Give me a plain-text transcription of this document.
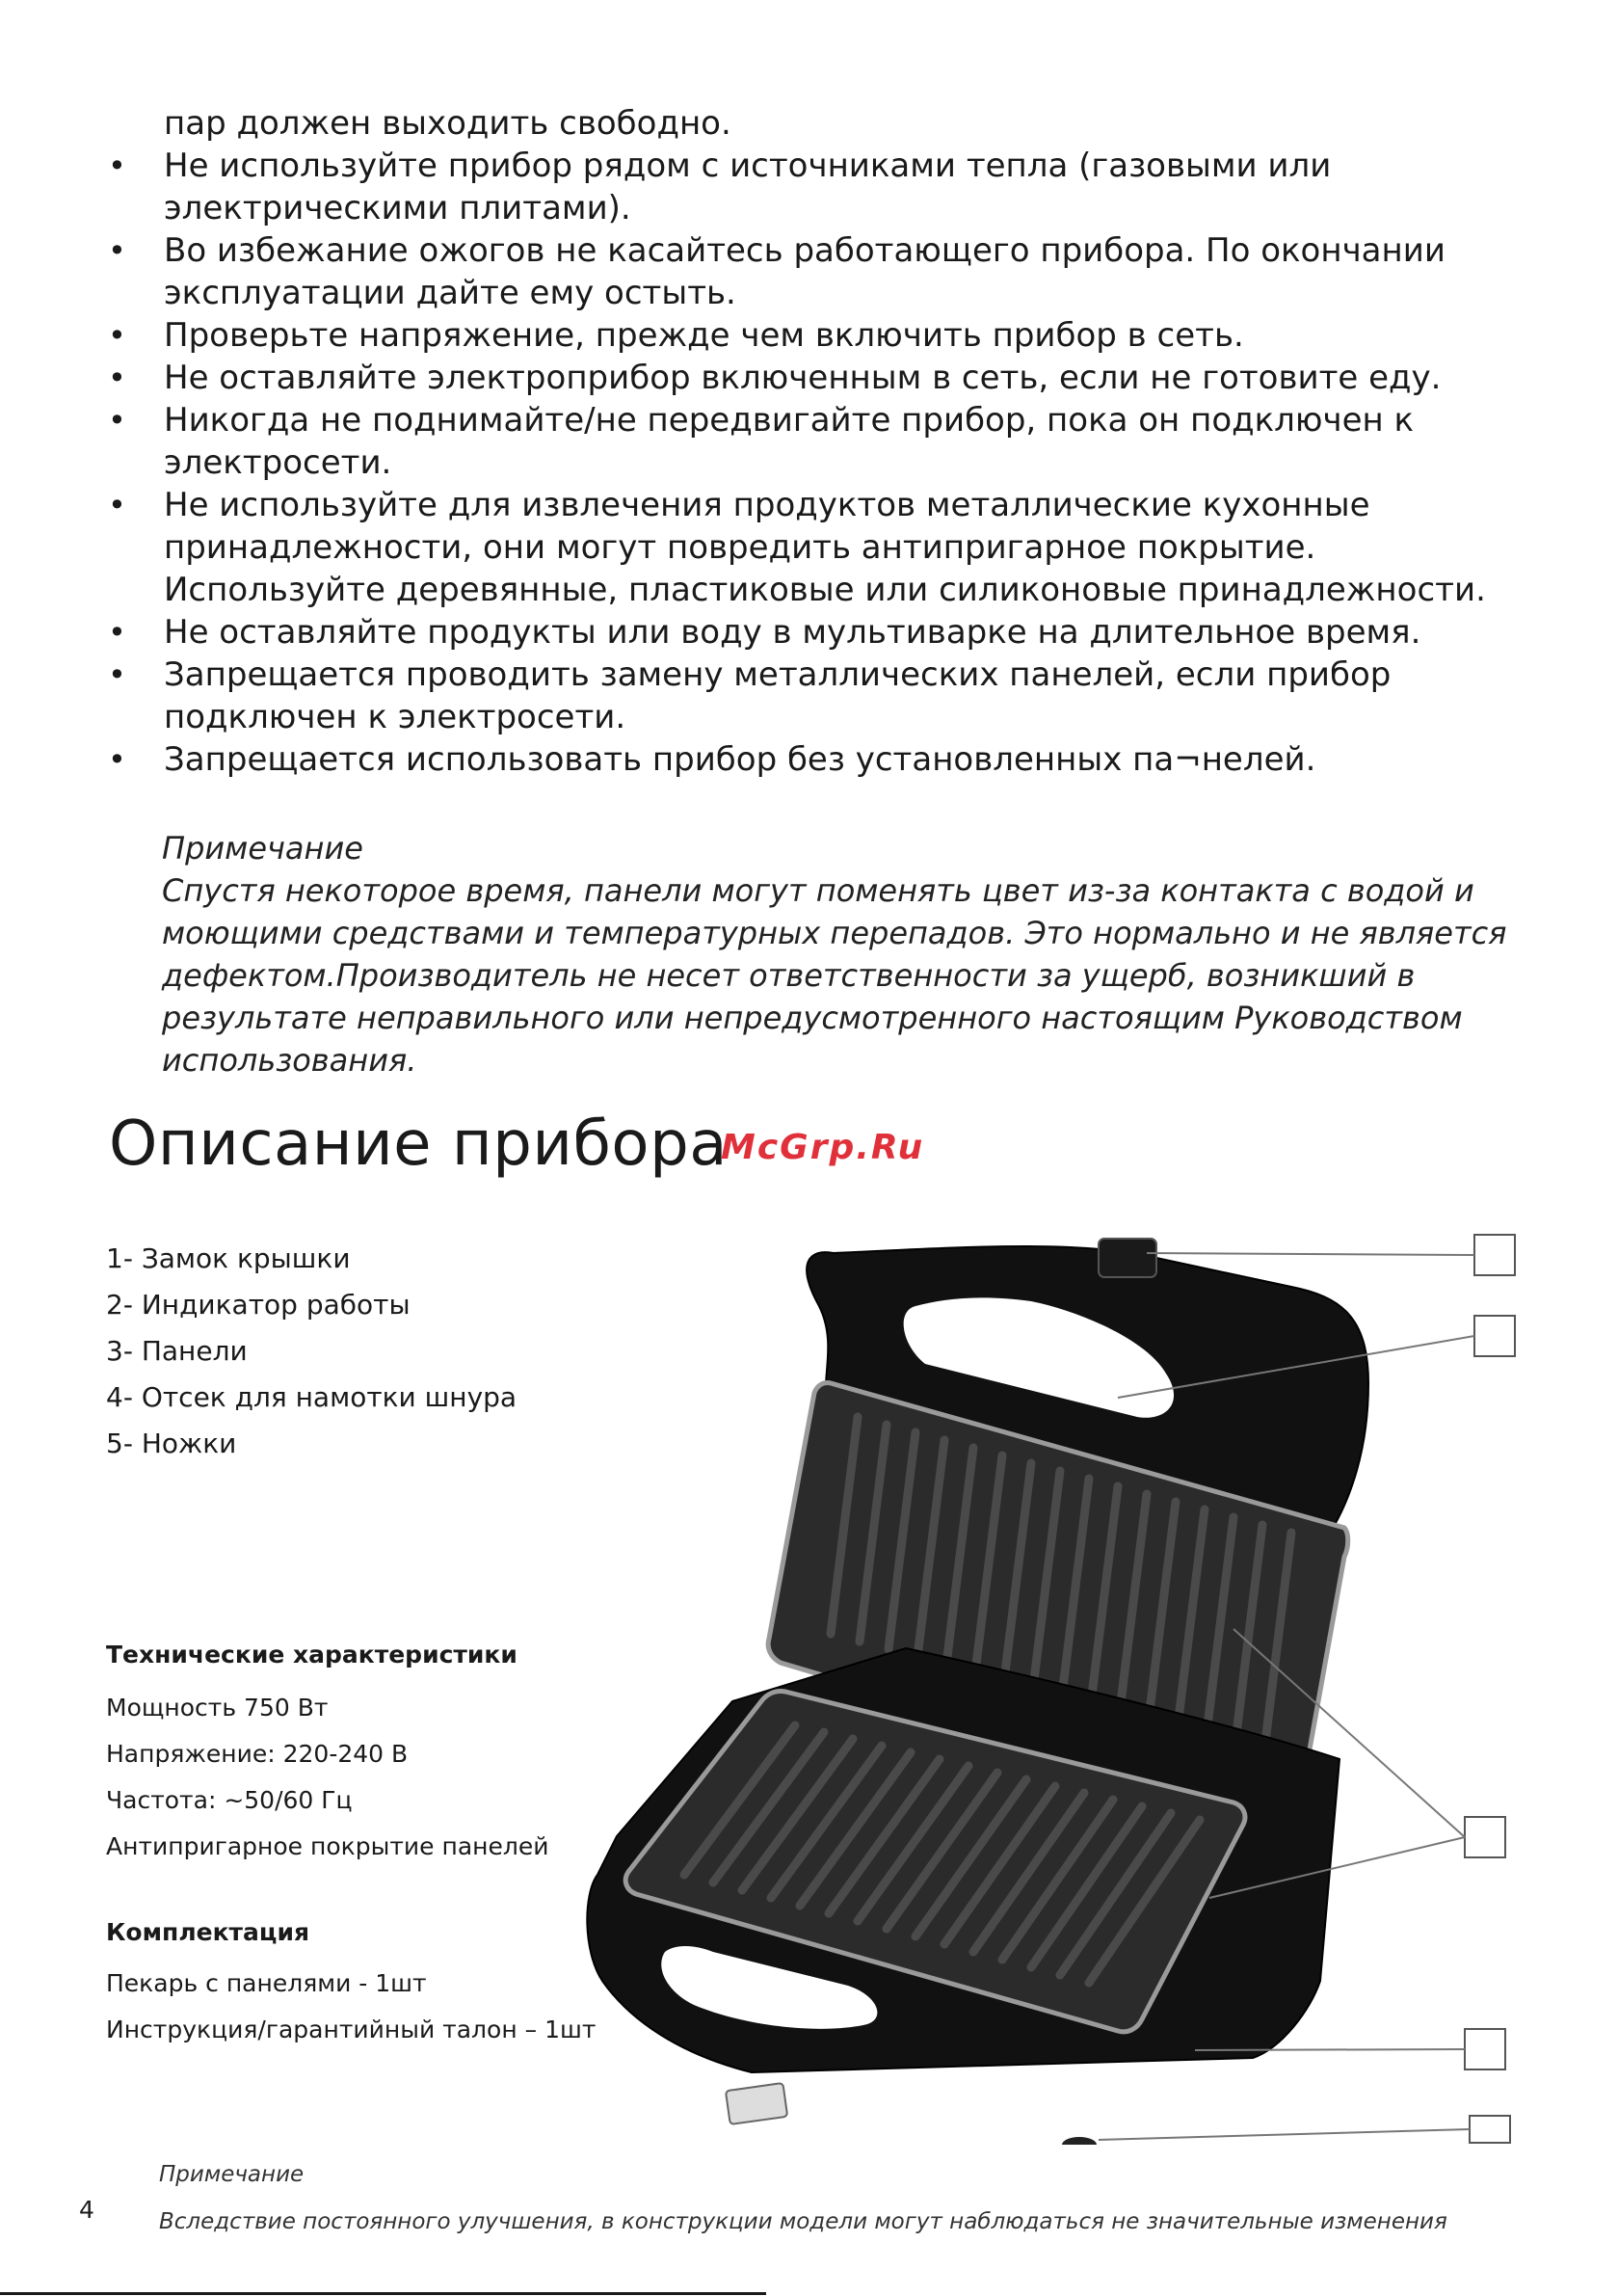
пар должен выходить свободно.
• Не используйте прибор рядом с источниками тепла (газовыми или электрическими плитами).
• Во избежание ожогов не касайтесь работающего прибора. По окончании эксплуатации дайте ему остыть.
• Проверьте напряжение, прежде чем включить прибор в сеть.
• Не оставляйте электроприбор включенным в сеть, если не готовите еду.
• Никогда не поднимайте/не передвигайте прибор, пока он подключен к электросети.
• Не используйте для извлечения продуктов металлические кухонные принадлежности, они могут повредить антипригарное покрытие. Используйте деревянные, пластиковые или силиконовые принадлежности.
• Не оставляйте продукты или воду в мультиварке на длительное время.
• Запрещается проводить замену металлических панелей, если прибор подключен к электросети.
• Запрещается использовать прибор без установленных па¬нелей.
Примечание
Спустя некоторое время, панели могут поменять цвет из-за контакта с водой и моющими средствами и температурных перепадов. Это нормально и не является дефектом.Производитель не несет ответственности за ущерб, возникший в результате неправильного или непредусмотренного настоящим Руководством использования.
Описание прибора
McGrp.Ru
1- Замок крышки
2- Индикатор работы
3- Панели
4- Отсек для намотки шнура
5- Ножки
Технические характеристики
Мощность 750 Вт
Напряжение: 220-240 В
Частота: ~50/60 Гц
Антипригарное покрытие панелей
Комплектация
Пекарь с панелями - 1шт
Инструкция/гарантийный талон – 1шт
Примечание
Вследствие постоянного улучшения, в конструкции модели могут наблюдаться не значительные изменения
4
